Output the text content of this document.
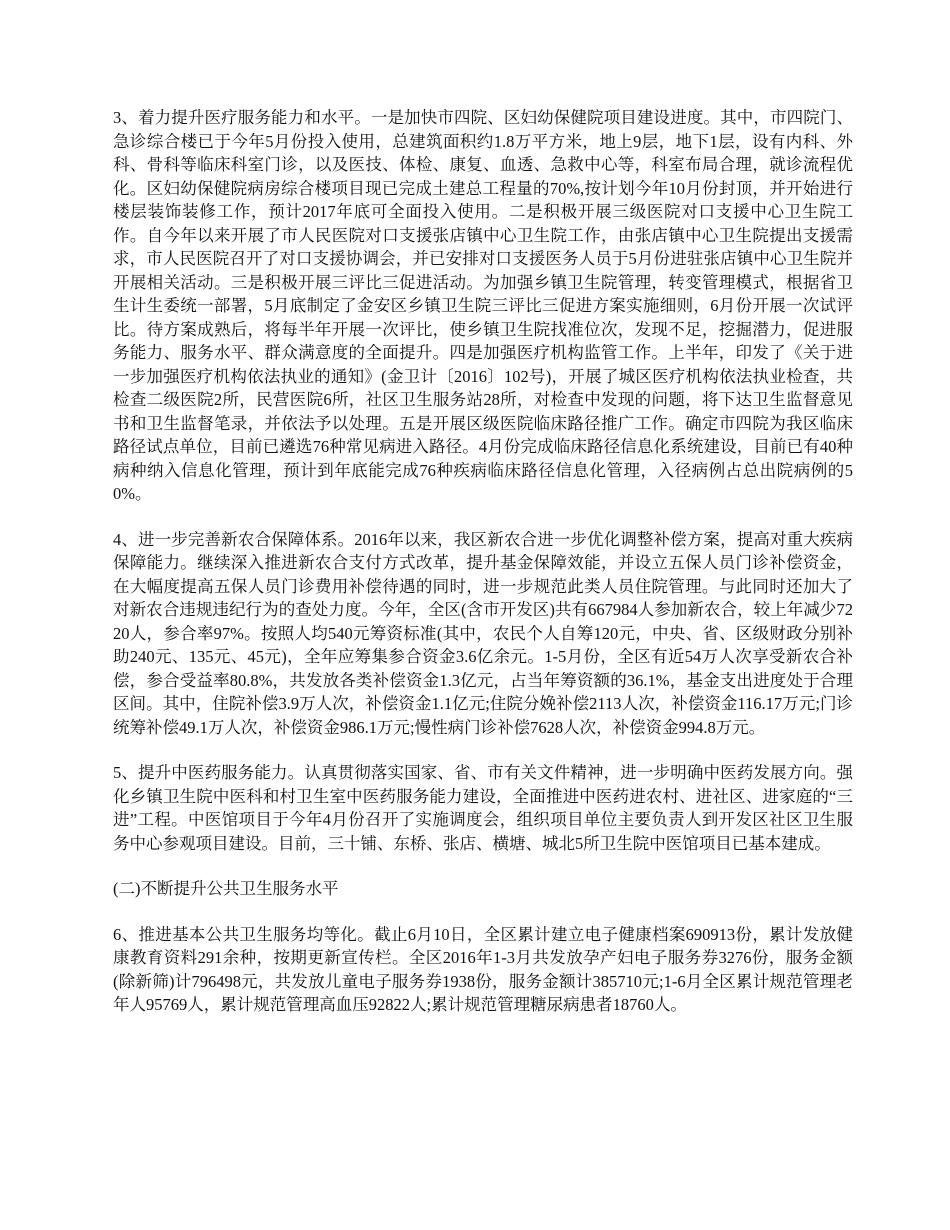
3、着力提升医疗服务能力和水平。一是加快市四院、区妇幼保健院项目建设进度。其中，市四院门、急诊综合楼已于今年5月份投入使用，总建筑面积约1.8万平方米，地上9层，地下1层，设有内科、外科、骨科等临床科室门诊，以及医技、体检、康复、血透、急救中心等，科室布局合理，就诊流程优化。区妇幼保健院病房综合楼项目现已完成土建总工程量的70%,按计划今年10月份封顶，并开始进行楼层装饰装修工作，预计2017年底可全面投入使用。二是积极开展三级医院对口支援中心卫生院工作。自今年以来开展了市人民医院对口支援张店镇中心卫生院工作，由张店镇中心卫生院提出支援需求，市人民医院召开了对口支援协调会，并已安排对口支援医务人员于5月份进驻张店镇中心卫生院并开展相关活动。三是积极开展三评比三促进活动。为加强乡镇卫生院管理，转变管理模式，根据省卫生计生委统一部署，5月底制定了金安区乡镇卫生院三评比三促进方案实施细则，6月份开展一次试评比。待方案成熟后，将每半年开展一次评比，使乡镇卫生院找准位次，发现不足，挖掘潜力，促进服务能力、服务水平、群众满意度的全面提升。四是加强医疗机构监管工作。上半年，印发了《关于进一步加强医疗机构依法执业的通知》(金卫计〔2016〕102号)，开展了城区医疗机构依法执业检查，共检查二级医院2所，民营医院6所，社区卫生服务站28所，对检查中发现的问题，将下达卫生监督意见书和卫生监督笔录，并依法予以处理。五是开展区级医院临床路径推广工作。确定市四院为我区临床路径试点单位，目前已遴选76种常见病进入路径。4月份完成临床路径信息化系统建设，目前已有40种病种纳入信息化管理，预计到年底能完成76种疾病临床路径信息化管理，入径病例占总出院病例的50%。

4、进一步完善新农合保障体系。2016年以来，我区新农合进一步优化调整补偿方案，提高对重大疾病保障能力。继续深入推进新农合支付方式改革，提升基金保障效能，并设立五保人员门诊补偿资金，在大幅度提高五保人员门诊费用补偿待遇的同时，进一步规范此类人员住院管理。与此同时还加大了对新农合违规违纪行为的查处力度。今年，全区(含市开发区)共有667984人参加新农合，较上年减少7220人，参合率97%。按照人均540元筹资标准(其中，农民个人自筹120元，中央、省、区级财政分别补助240元、135元、45元)，全年应筹集参合资金3.6亿余元。1-5月份，全区有近54万人次享受新农合补偿，参合受益率80.8%，共发放各类补偿资金1.3亿元，占当年筹资额的36.1%，基金支出进度处于合理区间。其中，住院补偿3.9万人次，补偿资金1.1亿元;住院分娩补偿2113人次，补偿资金116.17万元;门诊统筹补偿49.1万人次，补偿资金986.1万元;慢性病门诊补偿7628人次，补偿资金994.8万元。

5、提升中医药服务能力。认真贯彻落实国家、省、市有关文件精神，进一步明确中医药发展方向。强化乡镇卫生院中医科和村卫生室中医药服务能力建设，全面推进中医药进农村、进社区、进家庭的“三进”工程。中医馆项目于今年4月份召开了实施调度会，组织项目单位主要负责人到开发区社区卫生服务中心参观项目建设。目前，三十铺、东桥、张店、横塘、城北5所卫生院中医馆项目已基本建成。

(二)不断提升公共卫生服务水平

6、推进基本公共卫生服务均等化。截止6月10日，全区累计建立电子健康档案690913份，累计发放健康教育资料291余种，按期更新宣传栏。全区2016年1-3月共发放孕产妇电子服务券3276份，服务金额(除新筛)计796498元，共发放儿童电子服务券1938份，服务金额计385710元;1-6月全区累计规范管理老年人95769人，累计规范管理高血压92822人;累计规范管理糖尿病患者18760人。
